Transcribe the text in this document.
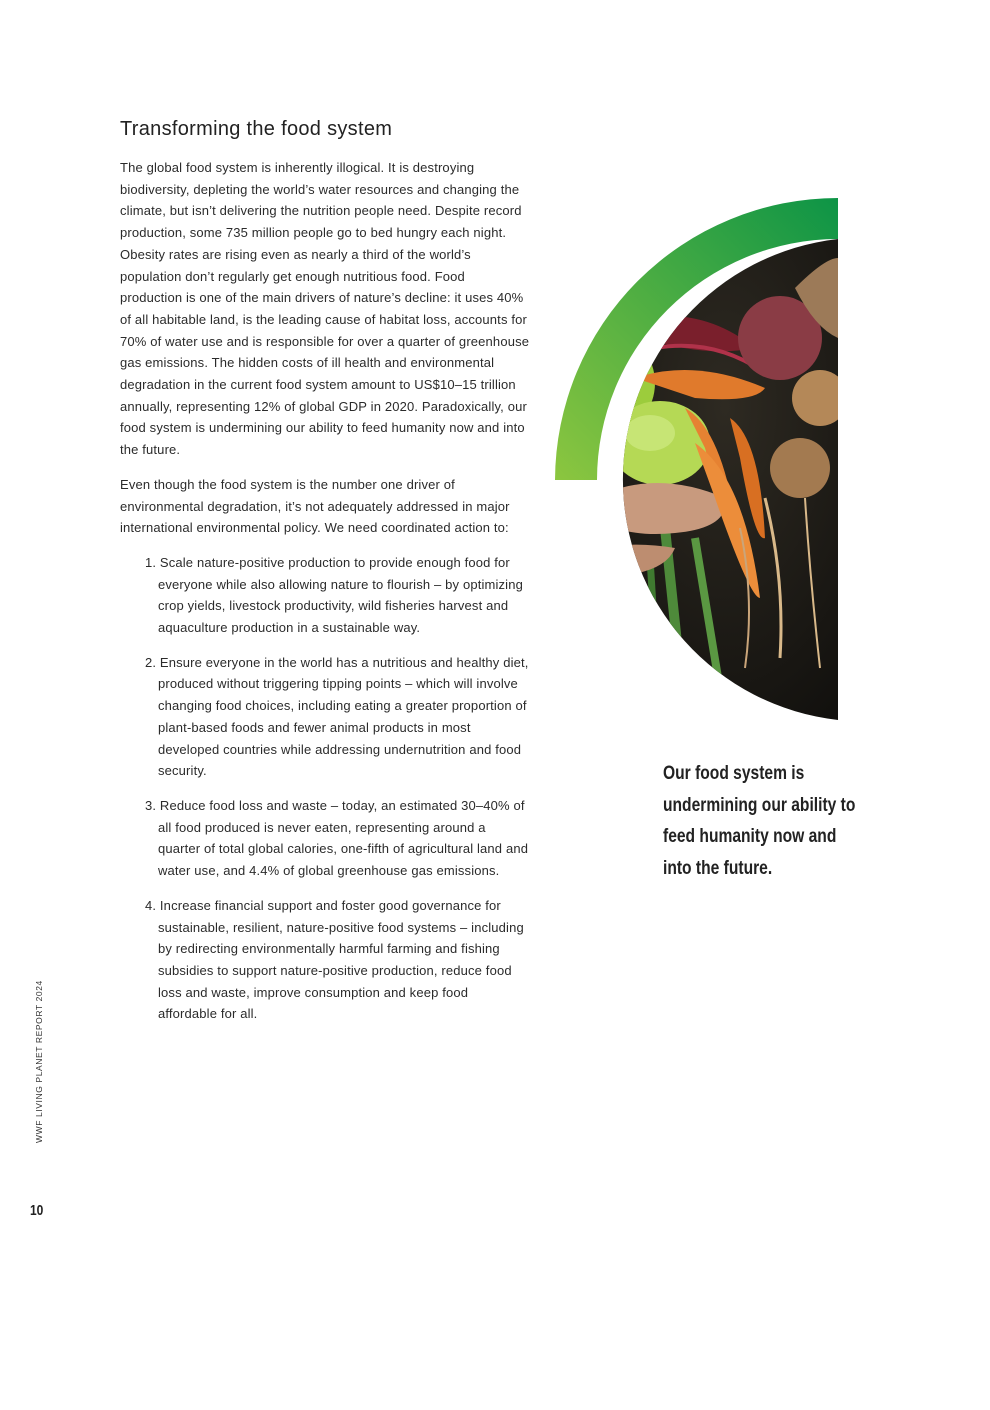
Transforming the food system

The global food system is inherently illogical. It is destroying biodiversity, depleting the world’s water resources and changing the climate, but isn’t delivering the nutrition people need. Despite record production, some 735 million people go to bed hungry each night. Obesity rates are rising even as nearly a third of the world’s population don’t regularly get enough nutritious food. Food production is one of the main drivers of nature’s decline: it uses 40% of all habitable land, is the leading cause of habitat loss, accounts for 70% of water use and is responsible for over a quarter of greenhouse gas emissions. The hidden costs of ill health and environmental degradation in the current food system amount to US$10–15 trillion annually, representing 12% of global GDP in 2020. Paradoxically, our food system is undermining our ability to feed humanity now and into the future.

Even though the food system is the number one driver of environmental degradation, it’s not adequately addressed in major international environmental policy. We need coordinated action to:

1. Scale nature-positive production to provide enough food for everyone while also allowing nature to flourish – by optimizing crop yields, livestock productivity, wild fisheries harvest and aquaculture production in a sustainable way.
2. Ensure everyone in the world has a nutritious and healthy diet, produced without triggering tipping points – which will involve changing food choices, including eating a greater proportion of plant-based foods and fewer animal products in most developed countries while addressing undernutrition and food security.
3. Reduce food loss and waste – today, an estimated 30–40% of all food produced is never eaten, representing around a quarter of total global calories, one-fifth of agricultural land and water use, and 4.4% of global greenhouse gas emissions.
4. Increase financial support and foster good governance for sustainable, resilient, nature-positive food systems – including by redirecting environmentally harmful farming and fishing subsidies to support nature-positive production, reduce food loss and waste, improve consumption and keep food affordable for all.
Our food system is undermining our ability to feed humanity now and into the future.
WWF LIVING PLANET REPORT 2024
10
